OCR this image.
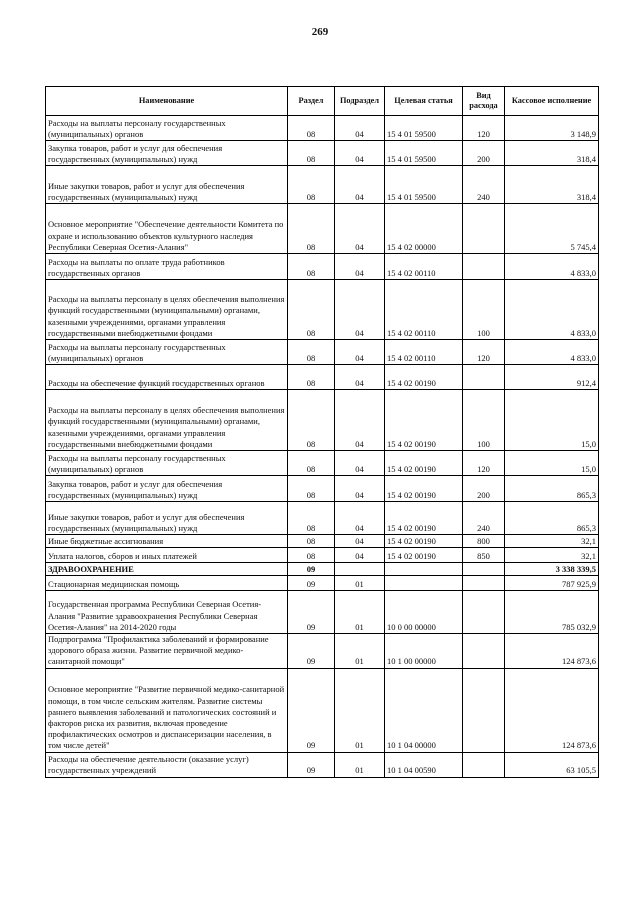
269
Наименование	Раздел	Подраздел	Целевая статья	Вид расхода	Кассовое исполнение
Расходы на выплаты персоналу государственных (муниципальных) органов	08	04	15 4 01 59500	120	3 148,9
Закупка товаров, работ и услуг для обеспечения государственных (муниципальных) нужд	08	04	15 4 01 59500	200	318,4
Иные закупки товаров, работ и услуг для обеспечения государственных (муниципальных) нужд	08	04	15 4 01 59500	240	318,4
Основное мероприятие "Обеспечение деятельности Комитета по охране и использованию объектов культурного наследия Республики Северная Осетия-Алания"	08	04	15 4 02 00000		5 745,4
Расходы на выплаты по оплате труда работников государственных органов	08	04	15 4 02 00110		4 833,0
Расходы на выплаты персоналу в целях обеспечения выполнения функций государственными (муниципальными) органами, казенными учреждениями, органами управления государственными внебюджетными фондами	08	04	15 4 02 00110	100	4 833,0
Расходы на выплаты персоналу государственных (муниципальных) органов	08	04	15 4 02 00110	120	4 833,0
Расходы на обеспечение функций государственных органов	08	04	15 4 02 00190		912,4
Расходы на выплаты персоналу в целях обеспечения выполнения функций государственными (муниципальными) органами, казенными учреждениями, органами управления государственными внебюджетными фондами	08	04	15 4 02 00190	100	15,0
Расходы на выплаты персоналу государственных (муниципальных) органов	08	04	15 4 02 00190	120	15,0
Закупка товаров, работ и услуг для обеспечения государственных (муниципальных) нужд	08	04	15 4 02 00190	200	865,3
Иные закупки товаров, работ и услуг для обеспечения государственных (муниципальных) нужд	08	04	15 4 02 00190	240	865,3
Иные бюджетные ассигнования	08	04	15 4 02 00190	800	32,1
Уплата налогов, сборов и иных платежей	08	04	15 4 02 00190	850	32,1
ЗДРАВООХРАНЕНИЕ	09				3 338 339,5
Стационарная медицинская помощь	09	01			787 925,9
Государственная программа Республики Северная Осетия-Алания "Развитие здравоохранения Республики Северная Осетия-Алания" на 2014-2020 годы	09	01	10 0 00 00000		785 032,9
Подпрограмма "Профилактика заболеваний и формирование здорового образа жизни. Развитие первичной медико-санитарной помощи"	09	01	10 1 00 00000		124 873,6
Основное мероприятие "Развитие первичной медико-санитарной помощи, в том числе сельским жителям. Развитие системы раннего выявления заболеваний и патологических состояний и факторов риска их развития, включая проведение профилактических осмотров и диспансеризации населения, в том числе детей"	09	01	10 1 04 00000		124 873,6
Расходы на обеспечение деятельности (оказание услуг) государственных учреждений	09	01	10 1 04 00590		63 105,5
